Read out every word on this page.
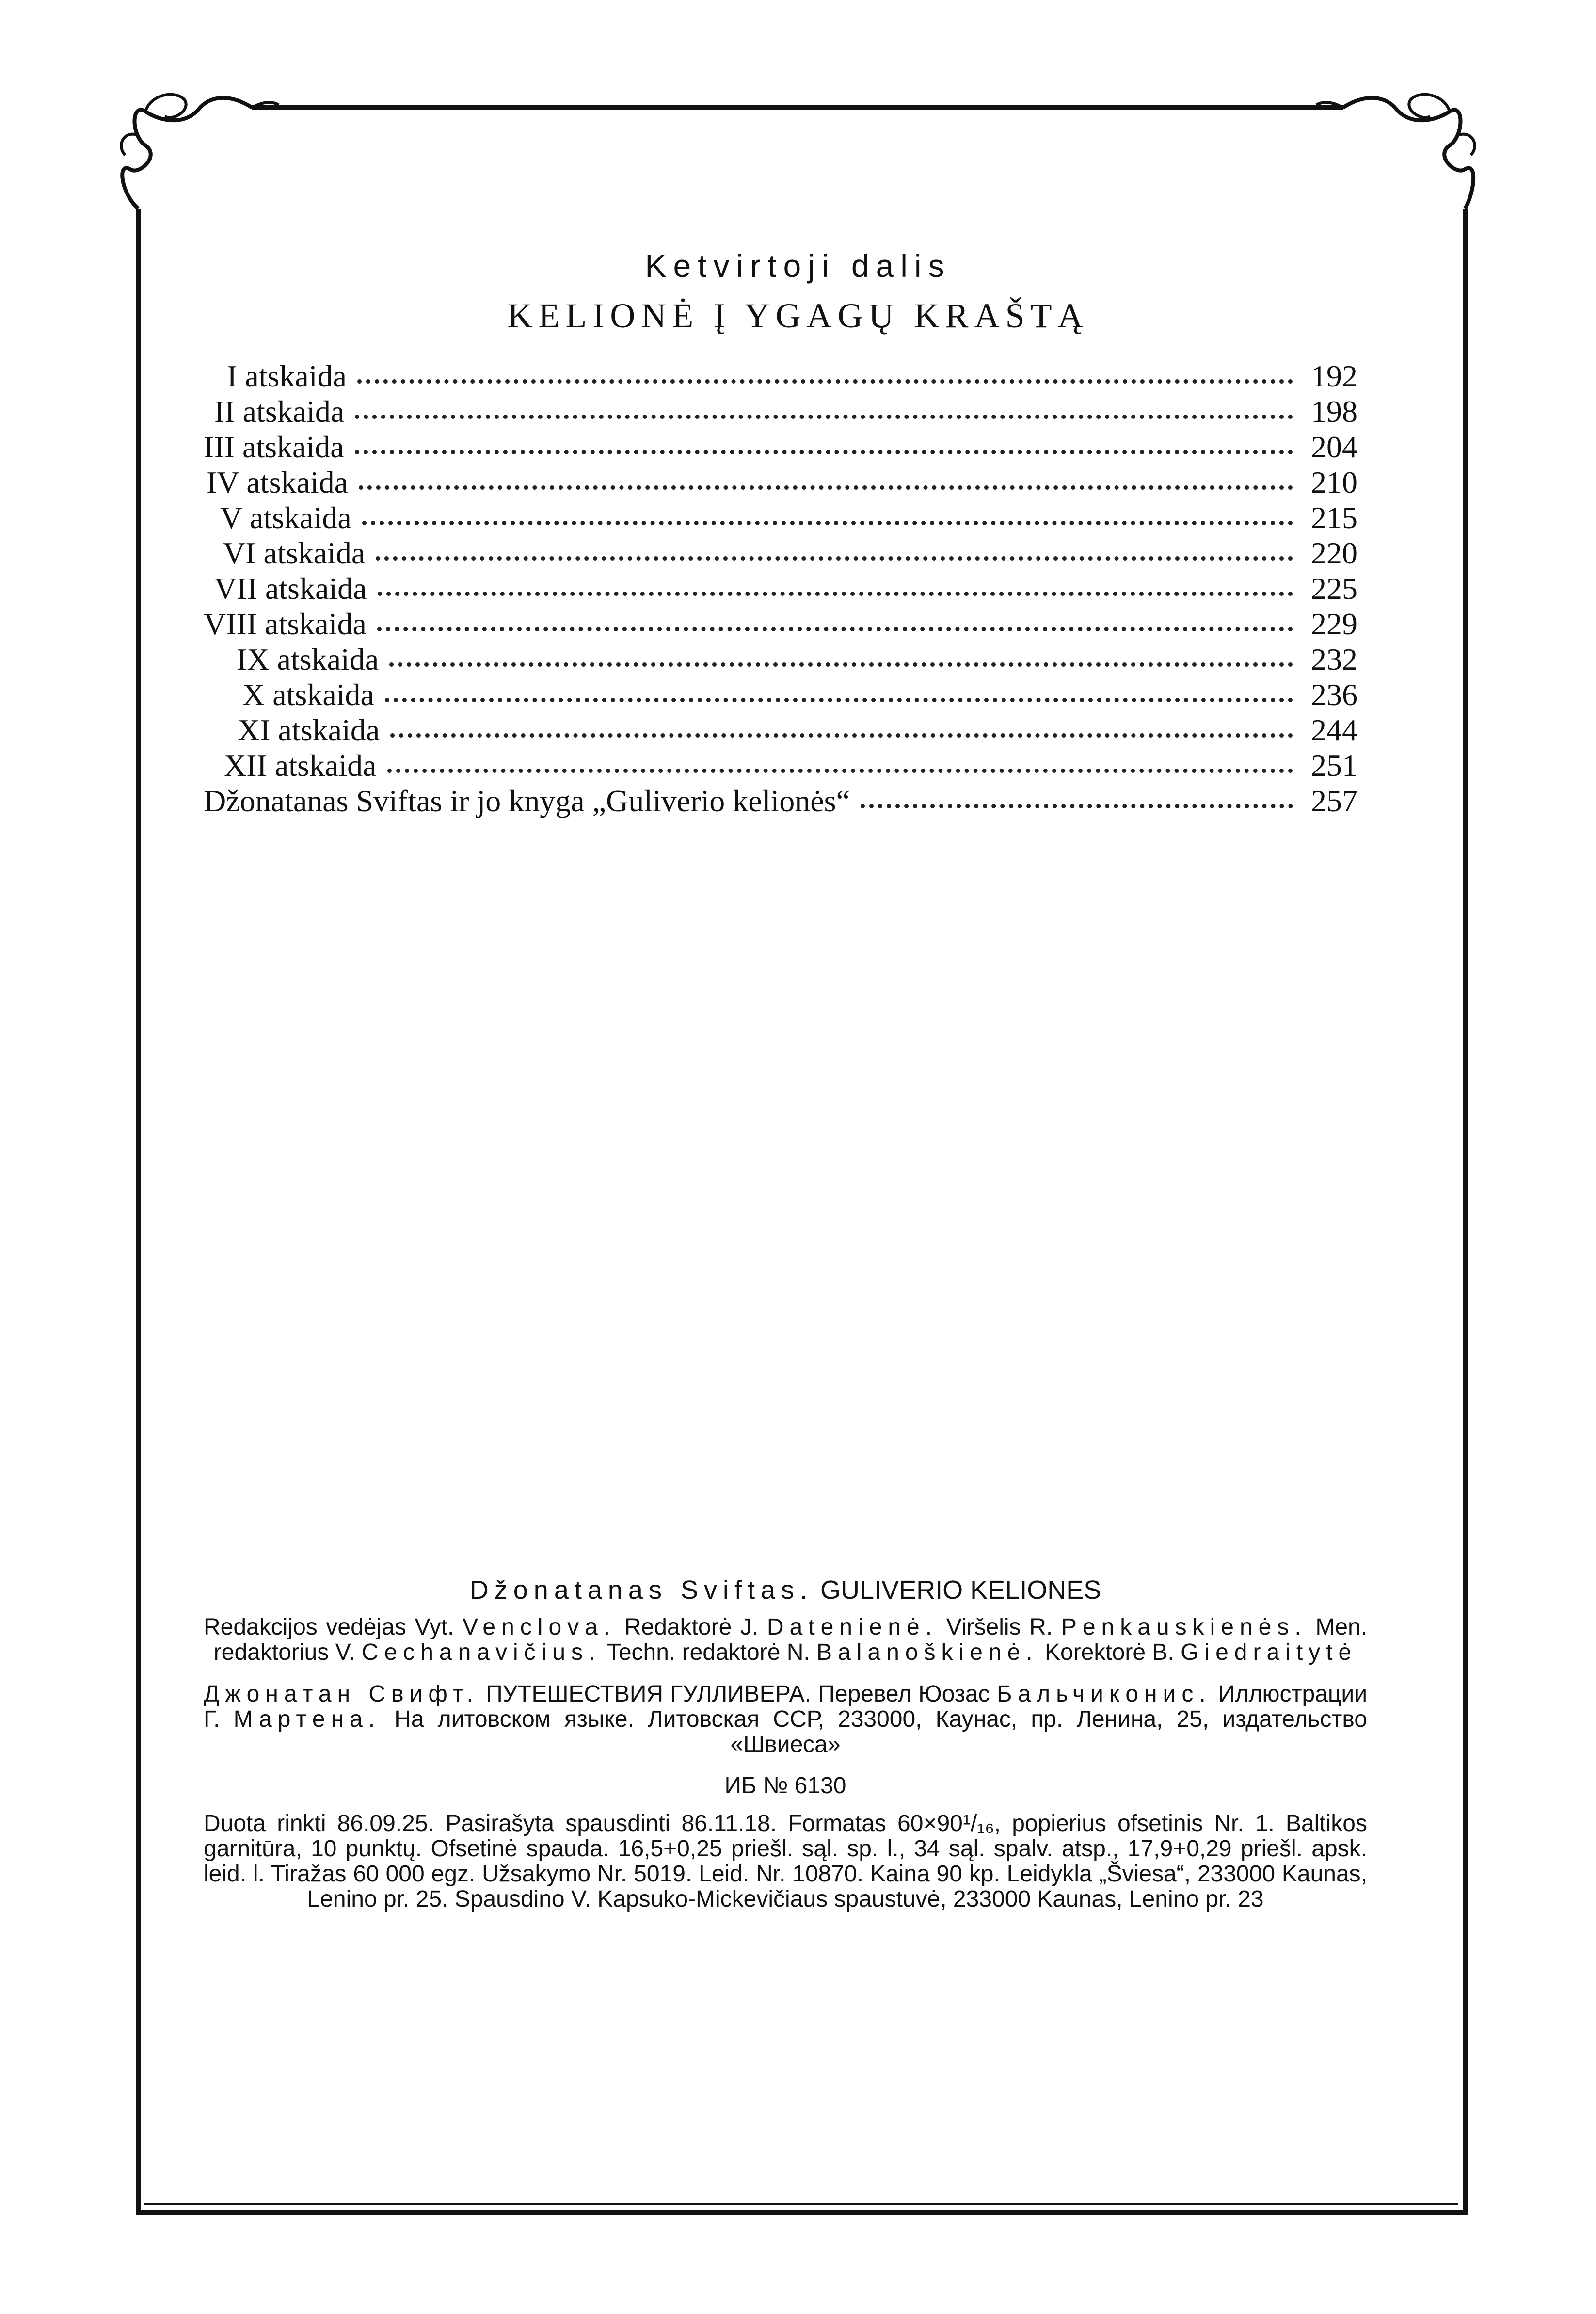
Ketvirtoji dalis
KELIONĖ Į YGAGŲ KRAŠTĄ
I atskaida	192
II atskaida	198
III atskaida	204
IV atskaida	210
V atskaida	215
VI atskaida	220
VII atskaida	225
VIII atskaida	229
IX atskaida	232
X atskaida	236
XI atskaida	244
XII atskaida	251
Džonatanas Sviftas ir jo knyga „Guliverio kelionės“	257
Džonatanas Sviftas. GULIVERIO KELIONES

Redakcijos vedėjas Vyt. Venclova. Redaktorė J. Datenienė. Viršelis R. Penkauskienės. Men. redaktorius V. Cechanavičius. Techn. redaktorė N. Balanoškienė. Korektorė B. Giedraitytė

Джонатан Свифт. ПУТЕШЕСТВИЯ ГУЛЛИВЕРА. Перевел Юозас Бальчиконис. Иллюстрации Г. Мартена. На литовском языке. Литовская ССР, 233000, Каунас, пр. Ленина, 25, издательство «Швиеса»

ИБ № 6130

Duota rinkti 86.09.25. Pasirašyta spausdinti 86.11.18. Formatas 60×90¹/₁₆, popierius ofsetinis Nr. 1. Baltikos garnitūra, 10 punktų. Ofsetinė spauda. 16,5+0,25 priešl. sąl. sp. l., 34 sąl. spalv. atsp., 17,9+0,29 priešl. apsk. leid. l. Tiražas 60 000 egz. Užsakymo Nr. 5019. Leid. Nr. 10870. Kaina 90 kp. Leidykla „Šviesa“, 233000 Kaunas, Lenino pr. 25. Spausdino V. Kapsuko-Mickevičiaus spaustuvė, 233000 Kaunas, Lenino pr. 23
